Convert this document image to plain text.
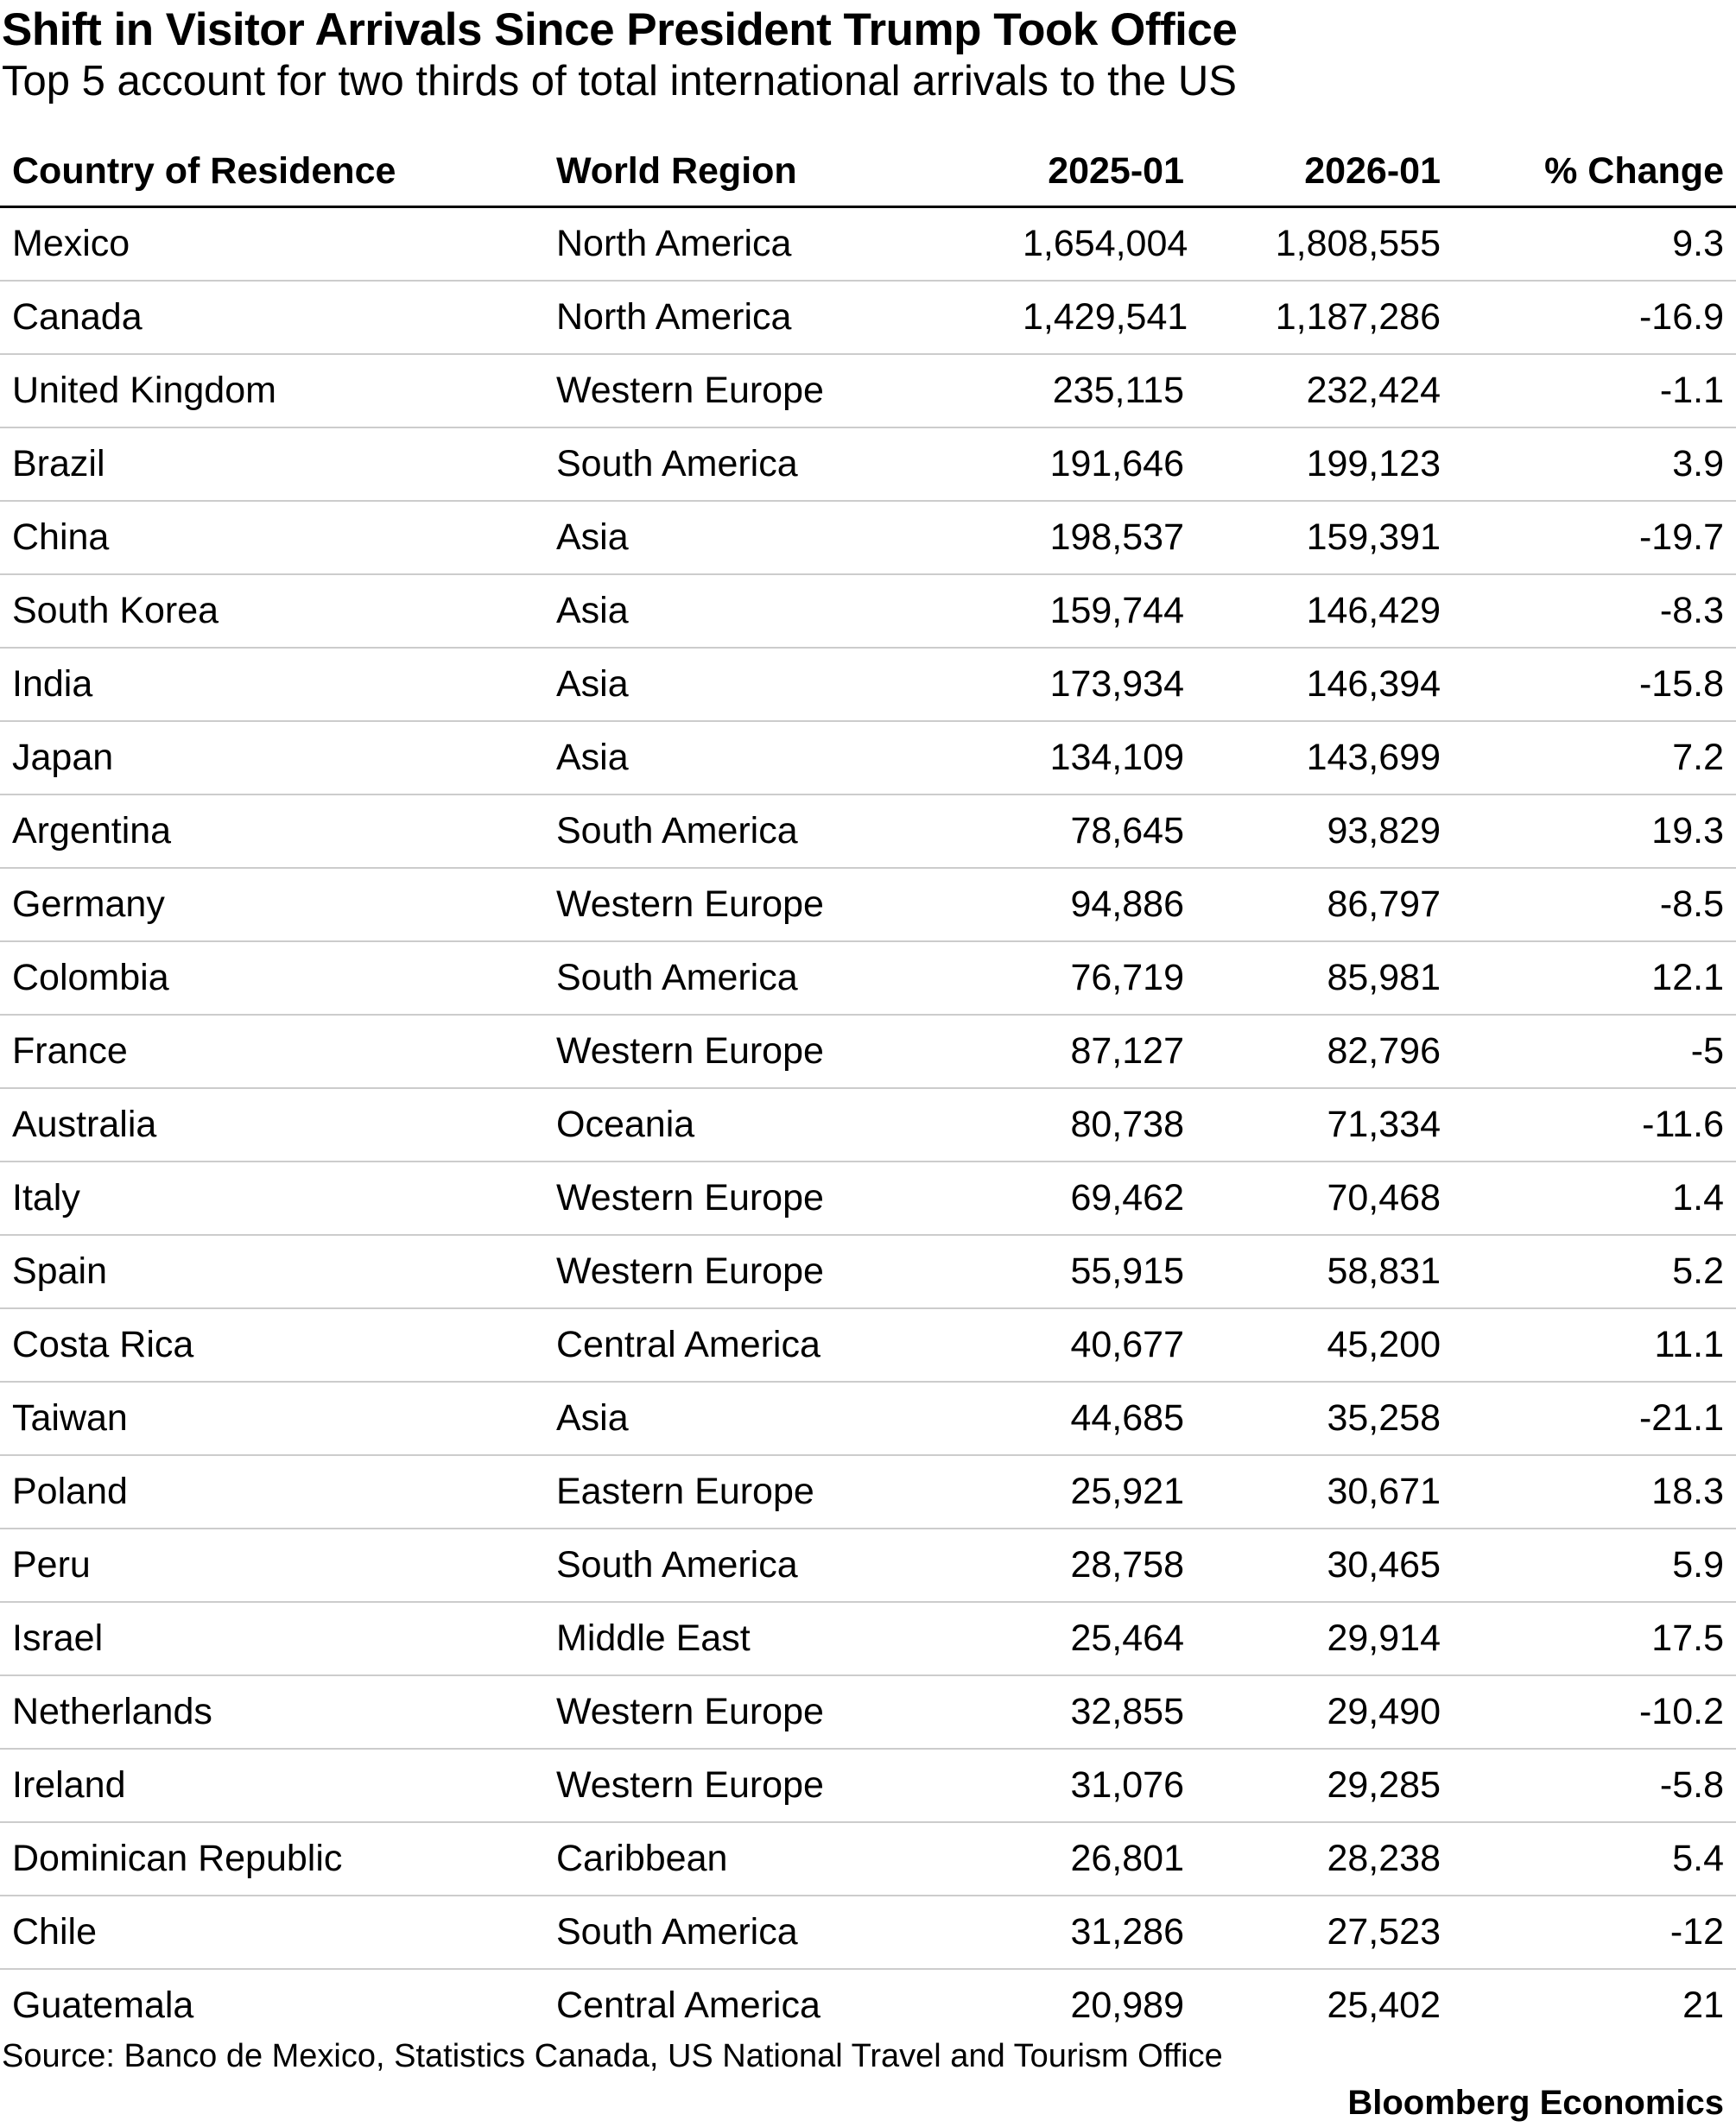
Shift in Visitor Arrivals Since President Trump Took Office
Top 5 account for two thirds of total international arrivals to the US
Country of Residence	World Region	2025-01	2026-01	% Change
Mexico	North America	1,654,004	1,808,555	9.3
Canada	North America	1,429,541	1,187,286	-16.9
United Kingdom	Western Europe	235,115	232,424	-1.1
Brazil	South America	191,646	199,123	3.9
China	Asia	198,537	159,391	-19.7
South Korea	Asia	159,744	146,429	-8.3
India	Asia	173,934	146,394	-15.8
Japan	Asia	134,109	143,699	7.2
Argentina	South America	78,645	93,829	19.3
Germany	Western Europe	94,886	86,797	-8.5
Colombia	South America	76,719	85,981	12.1
France	Western Europe	87,127	82,796	-5
Australia	Oceania	80,738	71,334	-11.6
Italy	Western Europe	69,462	70,468	1.4
Spain	Western Europe	55,915	58,831	5.2
Costa Rica	Central America	40,677	45,200	11.1
Taiwan	Asia	44,685	35,258	-21.1
Poland	Eastern Europe	25,921	30,671	18.3
Peru	South America	28,758	30,465	5.9
Israel	Middle East	25,464	29,914	17.5
Netherlands	Western Europe	32,855	29,490	-10.2
Ireland	Western Europe	31,076	29,285	-5.8
Dominican Republic	Caribbean	26,801	28,238	5.4
Chile	South America	31,286	27,523	-12
Guatemala	Central America	20,989	25,402	21
Source: Banco de Mexico, Statistics Canada, US National Travel and Tourism Office
Bloomberg Economics
